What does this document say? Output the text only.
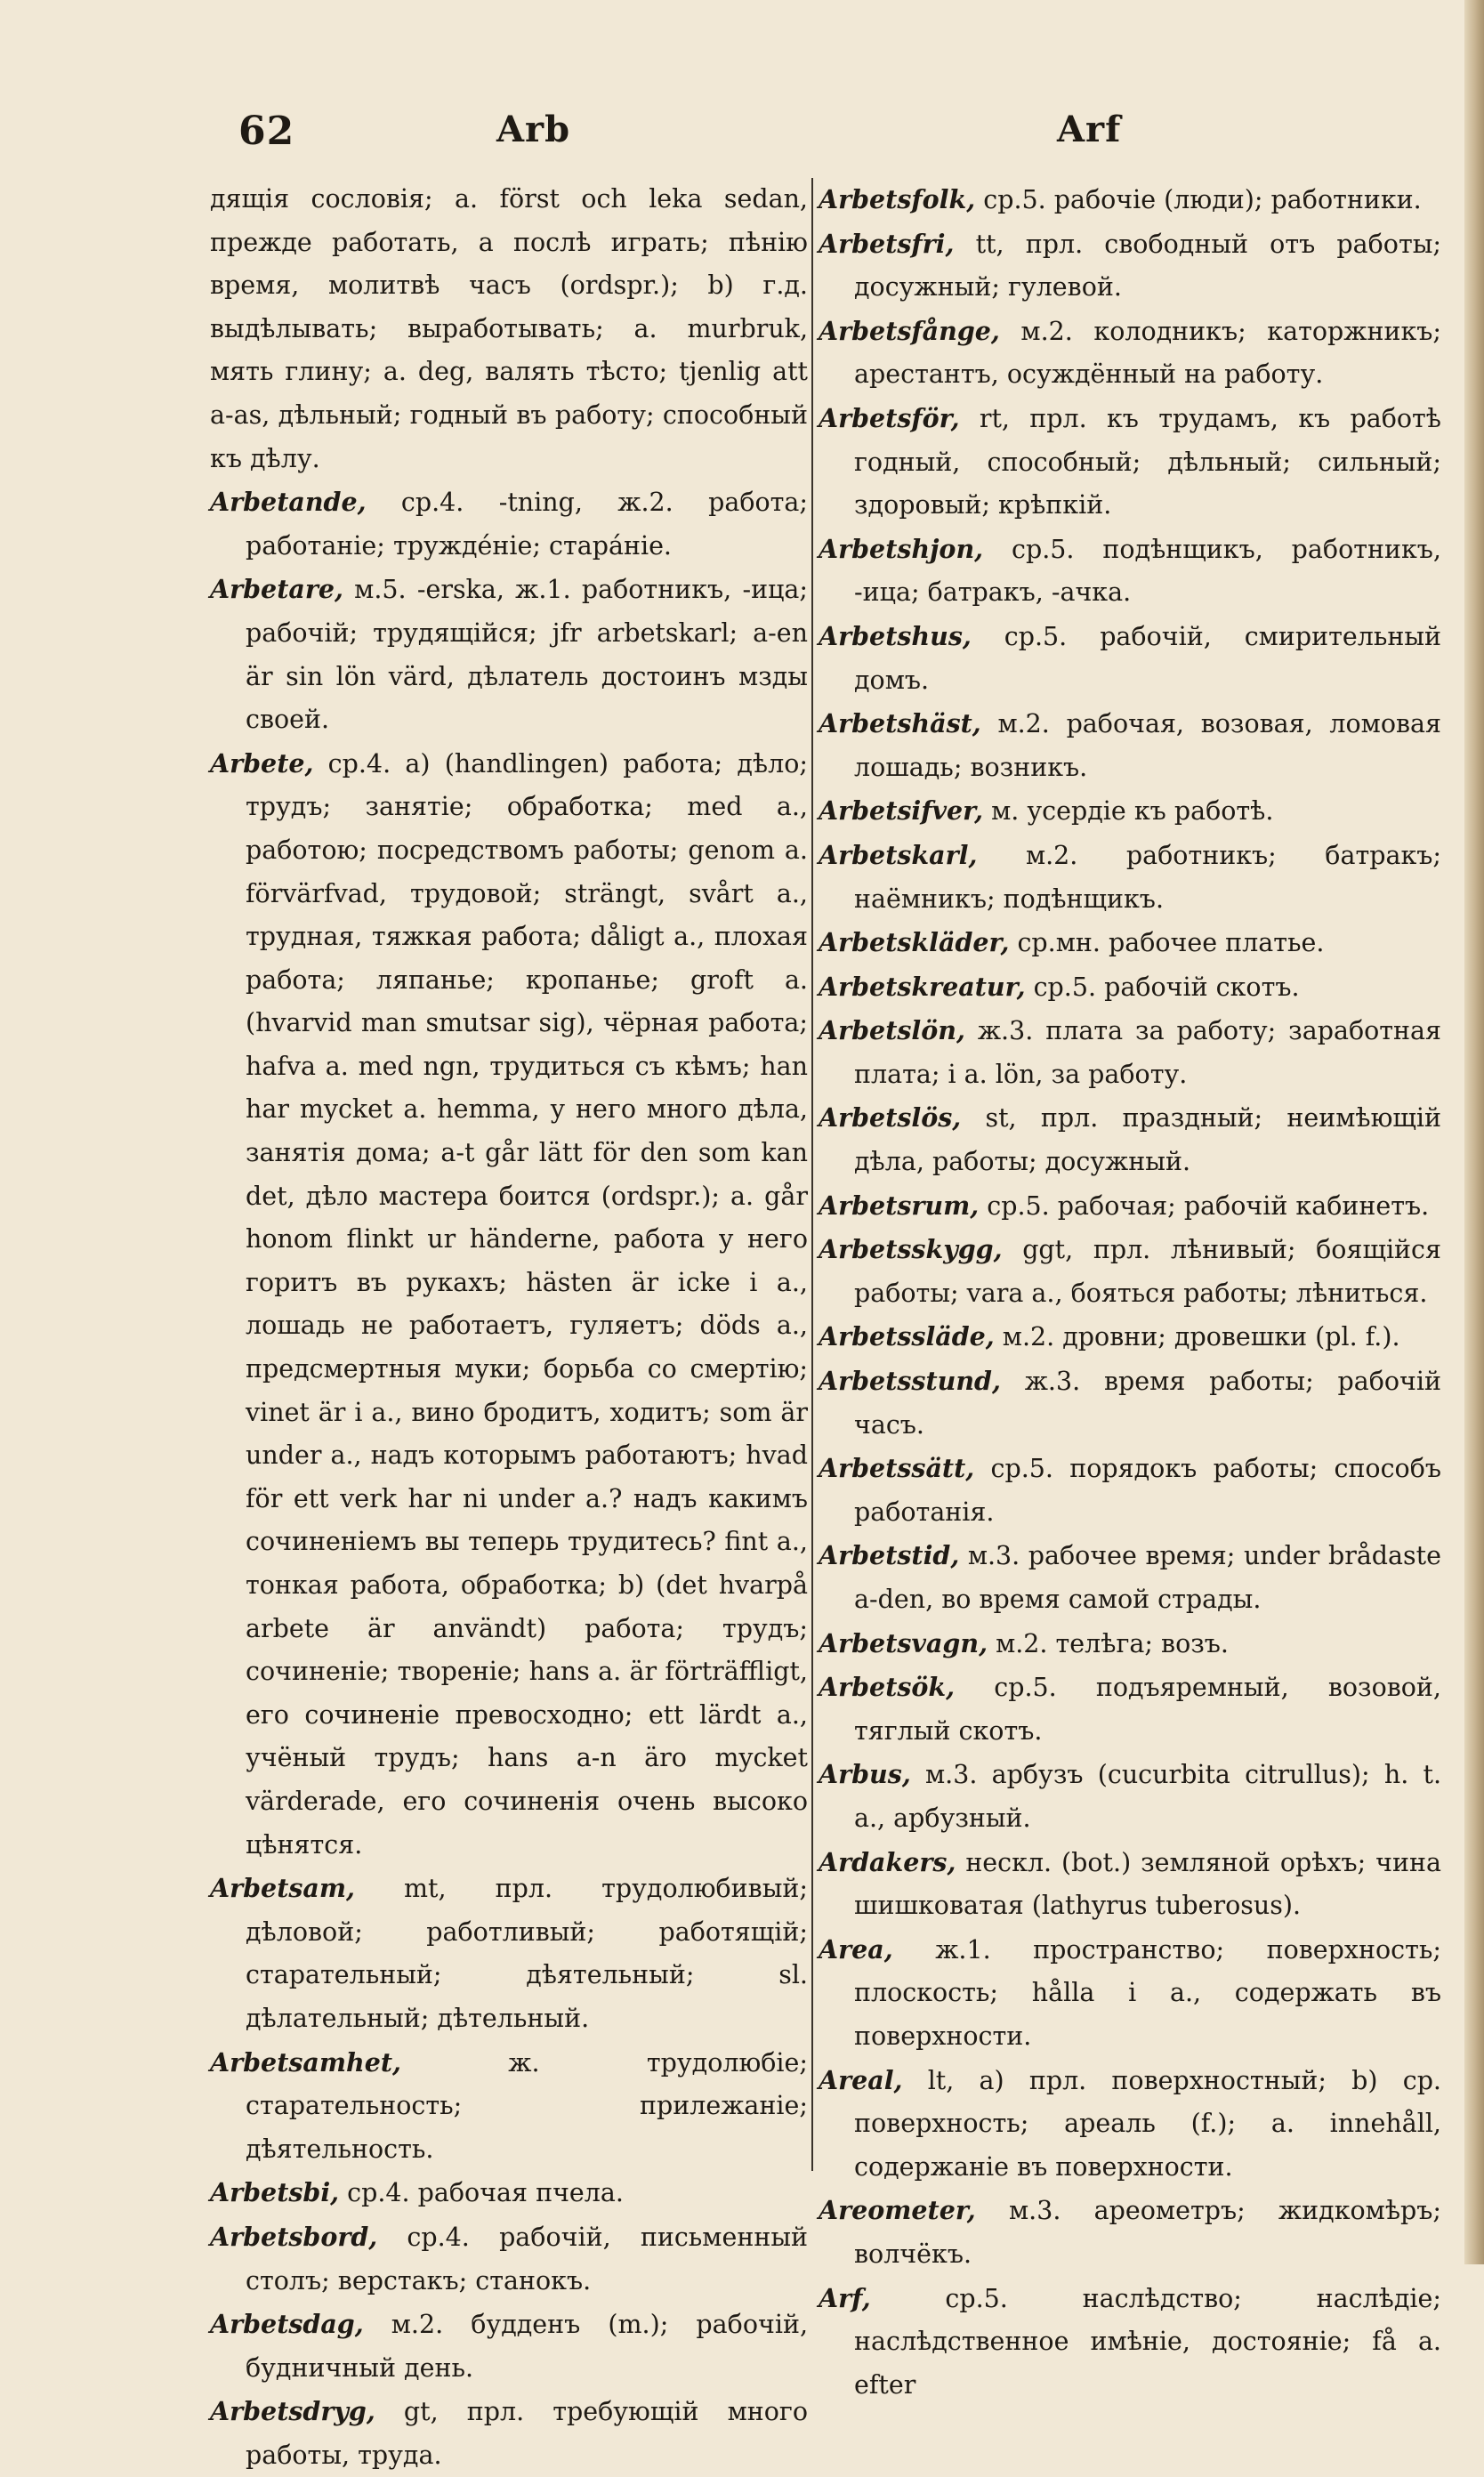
62	Arb	Arf

дящія сословія; a. först och leka sedan, прежде работать, а послѣ играть; пѣнію время, молитвѣ часъ (ordspr.); b) г.д. выдѣлывать; выработывать; a. murbruk, мять глину; a. deg, валять тѣсто; tjenlig att a-as, дѣльный; годный въ работу; способный къ дѣлу.

Arbetande, ср.4. -tning, ж.2. работа; работаніе; труждéніе; старáніе.

Arbetare, м.5. -erska, ж.1. работникъ, -ица; рабочій; трудящійся; jfr arbetskarl; a-en är sin lön värd, дѣлатель достоинъ мзды своей.

Arbete, ср.4. a) (handlingen) работа; дѣло; трудъ; занятіе; обработка; med a., работою; посредствомъ работы; genom a. förvärfvad, трудовой; strängt, svårt a., трудная, тяжкая работа; dåligt a., плохая работа; ляпанье; кропанье; groft a. (hvarvid man smutsar sig), чёрная работа; hafva a. med ngn, трудиться съ кѣмъ; han har mycket a. hemma, у него много дѣла, занятія дома; a-t går lätt för den som kan det, дѣло мастера боится (ordspr.); a. går honom flinkt ur händerne, работа у него горитъ въ рукахъ; hästen är icke i a., лошадь не работаетъ, гуляетъ; döds a., предсмертныя муки; борьба со смертію; vinet är i a., вино бродитъ, ходитъ; som är under a., надъ которымъ работаютъ; hvad för ett verk har ni under a.? надъ какимъ сочиненіемъ вы теперь трудитесь? fint a., тонкая работа, обработка; b) (det hvarpå arbete är användt) работа; трудъ; сочиненіе; твореніе; hans a. är förträffligt, его сочиненіе превосходно; ett lärdt a., учёный трудъ; hans a-n äro mycket värderade, его сочиненія очень высоко цѣнятся.

Arbetsam, mt, прл. трудолюбивый; дѣловой; работливый; работящій; старательный; дѣятельный; sl. дѣлательный; дѣтельный.

Arbetsamhet,	ж. трудолюбіе; старательность; прилежаніе; дѣятельность.

Arbetsbi, ср.4. рабочая пчела.

Arbetsbord, ср.4. рабочій, письменный столъ; верстакъ; станокъ.

Arbetsdag, м.2. будденъ (m.); рабочій, будничный день.

Arbetsdryg, gt, прл. требующій много работы, труда.

Arbetsfolk, ср.5. рабочіе (люди); работники.

Arbetsfri, tt, прл. свободный отъ работы; досужный; гулевой.

Arbetsfånge, м.2. колодникъ; каторжникъ; арестантъ, осуждённый на работу.

Arbetsför, rt, прл. къ трудамъ, къ работѣ годный, способный; дѣльный; сильный; здоровый; крѣпкій.

Arbetshjon, ср.5. подѣнщикъ, работникъ, -ица; батракъ, -ачка.

Arbetshus, ср.5. рабочій, смирительный домъ.

Arbetshäst, м.2. рабочая, возовая, ломовая лошадь; возникъ.

Arbetsifver, м. усердіе къ работѣ.

Arbetskarl, м.2. работникъ; батракъ; наёмникъ; подѣнщикъ.

Arbetskläder, ср.мн. рабочее платье.

Arbetskreatur, ср.5. рабочій скотъ.

Arbetslön, ж.3. плата за работу; заработная плата; i a. lön, за работу.

Arbetslös, st, прл. праздный; неимѣющій дѣла, работы; досужный.

Arbetsrum, ср.5. рабочая; рабочій кабинетъ.

Arbetsskygg, ggt, прл. лѣнивый; боящійся работы; vara a., бояться работы; лѣниться.

Arbetssläde, м.2. дровни; дровешки (pl. f.).

Arbetsstund, ж.3. время работы; рабочій часъ.

Arbetssätt, ср.5. порядокъ работы; способъ работанія.

Arbetstid, м.3. рабочее время; under brådaste a-den, во время самой страды.

Arbetsvagn, м.2. телѣга; возъ.

Arbetsök, ср.5. подъяремный, возовой, тяглый скотъ.

Arbus, м.3. арбузъ (cucurbita citrullus); h. t. a., арбузный.

Ardakers, нескл. (bot.) земляной орѣхъ; чина шишковатая (lathyrus tuberosus).

Area, ж.1. пространство; поверхность; плоскость; hålla i a., содержать въ поверхности.

Areal, lt, a) прл. поверхностный; b) ср. поверхность; ареаль (f.); a. innehåll, содержаніе въ поверхности.

Areometer, м.3. ареометръ; жидкомѣръ; волчёкъ.

Arf,	ср.5. наслѣдство; наслѣдіе; наслѣдственное имѣніе, достояніе; få a. efter
